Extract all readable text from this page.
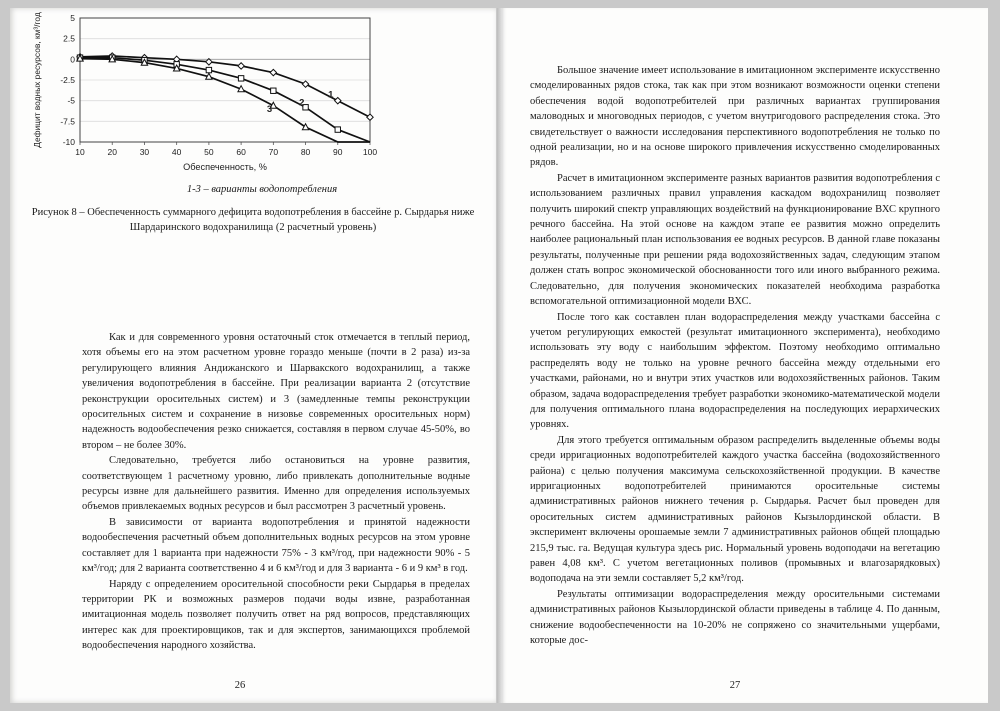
5
2.5
0
-2.5
-5
-7.5
-10
10	20	30	40	50	60	70	80	90 100
Обеспеченность, %
Дефицит водных ресурсов, км³/год	1
2
3
1-3 – варианты водопотребления
Рисунок 8 – Обеспеченность суммарного дефицита водопотребления в бассейне р. Сырдарья ниже Шардаринского водохранилища (2 расчетный уровень)

Как и для современного уровня остаточный сток отмечается в теплый период, хотя объемы его на этом расчетном уровне гораздо меньше (почти в 2 раза) из-за регулирующего влияния Андижанского и Шарвакского водохранилищ, а также увеличения водопотребления в бассейне. При реализации варианта 2 (отсутствие реконструкции оросительных систем) и 3 (замедленные темпы реконструкции оросительных систем и сохранение в низовье современных оросительных норм) надежность водообеспечения резко снижается, составляя в первом случае 45-50%, во втором – не более 30%.

Следовательно, требуется либо остановиться на уровне развития, соответствующем 1 расчетному уровню, либо привлекать дополнительные водные ресурсы извне для дальнейшего развития. Именно для определения используемых объемов привлекаемых водных ресурсов и был рассмотрен 3 расчетный уровень.

В зависимости от варианта водопотребления и принятой надежности водообеспечения расчетный объем дополнительных водных ресурсов на этом уровне составляет для 1 варианта при надежности 75% - 3 км³/год, при надежности 90% - 5 км³/год; для 2 варианта соответственно 4 и 6 км³/год и для 3 варианта - 6 и 9 км³ в год.

Наряду с определением оросительной способности реки Сырдарья в пределах территории РК и возможных размеров подачи воды извне, разработанная имитационная модель позволяет получить ответ на ряд вопросов, представляющих интерес как для проектировщиков, так и для экспертов, занимающихся проблемой водообеспечения народного хозяйства.

26

Большое значение имеет использование в имитационном эксперименте искусственно смоделированных рядов стока, так как при этом возникают возможности оценки степени обеспечения водой водопотребителей при различных вариантах группирования маловодных и многоводных периодов, с учетом внутригодового распределения стока. Это свидетельствует о важности исследования перспективного водопотребления не только по одной реализации, но и на основе широкого привлечения искусственно смоделированных рядов.

Расчет в имитационном эксперименте разных вариантов развития водопотребления с использованием различных правил управления каскадом водохранилищ позволяет получить широкий спектр управляющих воздействий на функционирование ВХС крупного речного бассейна. На этой основе на каждом этапе ее развития можно определить наиболее рациональный план использования ее водных ресурсов. В данной главе показаны результаты, полученные при решении ряда водохозяйственных задач, следующим этапом должен стать вопрос экономической обоснованности того или иного выбранного режима. Следовательно, для получения экономических показателей необходима разработка вспомогательной оптимизационной модели ВХС.

После того как составлен план водораспределения между участками бассейна с учетом регулирующих емкостей (результат имитационного эксперимента), необходимо использовать эту воду с наибольшим эффектом. Поэтому необходимо оптимально распределять воду не только на уровне речного бассейна между отдельными его участками, районами, но и внутри этих участков или водохозяйственных районов. Таким образом, задача водораспределения требует разработки экономико-математической модели для получения оптимального плана водораспределения на последующих иерархических уровнях.

Для этого требуется оптимальным образом распределить выделенные объемы воды среди ирригационных водопотребителей каждого участка бассейна (водохозяйственного района) с целью получения максимума сельскохозяйственной продукции. В качестве ирригационных водопотребителей принимаются оросительные системы административных районов нижнего течения р. Сырдарья. Расчет был проведен для оросительных систем административных районов Кызылординской области. В эксперимент включены орошаемые земли 7 административных районов общей площадью 215,9 тыс. га. Ведущая культура здесь рис. Нормальный уровень водоподачи на вегетацию равен 4,08 км³. С учетом вегетационных поливов (промывных и влагозарядковых) водоподача на эти земли составляет 5,2 км³/год.

Результаты оптимизации водораспределения между оросительными системами административных районов Кызылординской области приведены в таблице 4. По данным, снижение водообеспеченности на 10-20% не сопряжено со значительными ущербами, которые дос-

27
